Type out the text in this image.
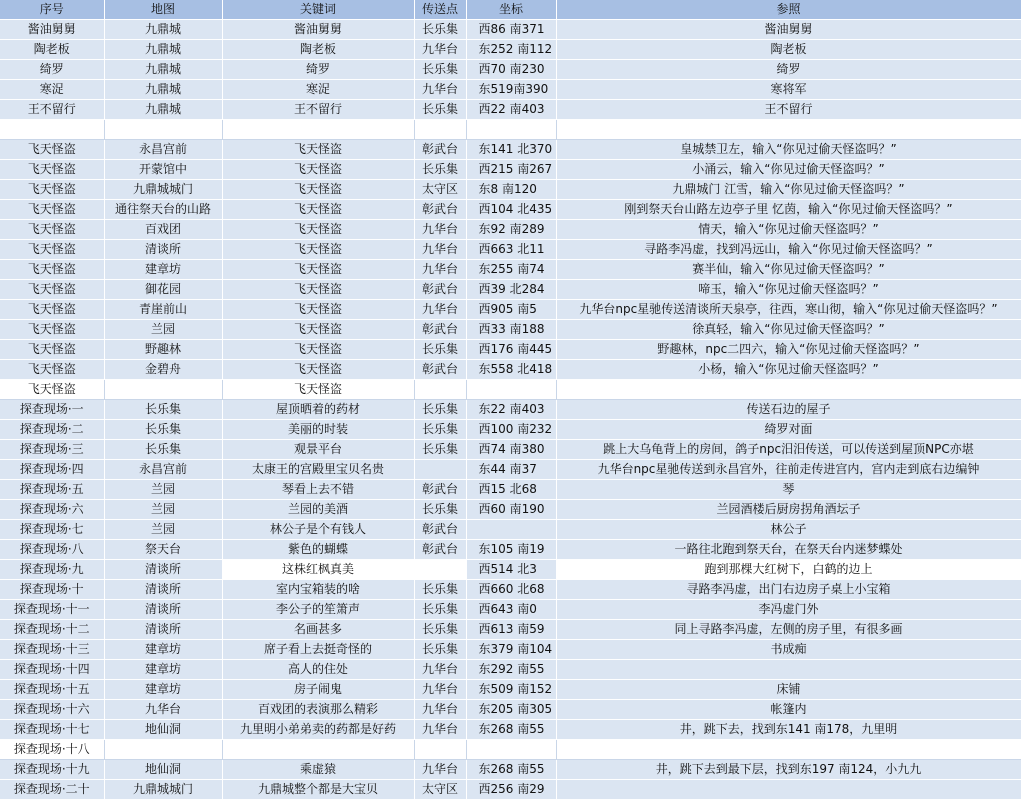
序号	地图	关键词	传送点	坐标	参照
酱油舅舅	九鼎城	酱油舅舅	长乐集	西86 南371	酱油舅舅
陶老板	九鼎城	陶老板	九华台	东252 南112	陶老板
绮罗	九鼎城	绮罗	长乐集	西70 南230	绮罗
寒浞	九鼎城	寒浞	九华台	东519南390	寒将军
王不留行	九鼎城	王不留行	长乐集	西22 南403	王不留行

飞天怪盗	永昌宫前	飞天怪盗	彰武台	东141 北370	皇城禁卫左，输入“你见过偷天怪盗吗？”
飞天怪盗	开蒙馆中	飞天怪盗	长乐集	西215 南267	小涌云，输入“你见过偷天怪盗吗？”
飞天怪盗	九鼎城城门	飞天怪盗	太守区	东8 南120	九鼎城门 江雪，输入“你见过偷天怪盗吗？”
飞天怪盗	通往祭天台的山路	飞天怪盗	彰武台	西104 北435	刚到祭天台山路左边亭子里 忆茵，输入“你见过偷天怪盗吗？”
飞天怪盗	百戏团	飞天怪盗	九华台	东92 南289	情天，输入“你见过偷天怪盗吗？”
飞天怪盗	清谈所	飞天怪盗	九华台	西663 北11	寻路李冯虚，找到冯远山，输入“你见过偷天怪盗吗？”
飞天怪盗	建章坊	飞天怪盗	九华台	东255 南74	赛半仙，输入“你见过偷天怪盗吗？”
飞天怪盗	御花园	飞天怪盗	彰武台	西39 北284	啼玉，输入“你见过偷天怪盗吗？”
飞天怪盗	青崖前山	飞天怪盗	九华台	西905 南5	九华台npc星驰传送清谈所天泉亭，往西，寒山彻，输入“你见过偷天怪盗吗？”
飞天怪盗	兰园	飞天怪盗	彰武台	西33 南188	徐真轻，输入“你见过偷天怪盗吗？”
飞天怪盗	野趣林	飞天怪盗	长乐集	西176 南445	野趣林，npc二四六，输入“你见过偷天怪盗吗？”
飞天怪盗	金碧舟	飞天怪盗	彰武台	东558 北418	小杨，输入“你见过偷天怪盗吗？”
飞天怪盗		飞天怪盗			
探查现场·一	长乐集	屋顶晒着的药材	长乐集	东22 南403	传送石边的屋子
探查现场·二	长乐集	美丽的时装	长乐集	西100 南232	绮罗对面
探查现场·三	长乐集	观景平台	长乐集	西74 南380	跳上大乌龟背上的房间，鸽子npc汨汨传送，可以传送到屋顶NPC亦堪
探查现场·四	永昌宫前	太康王的宫殿里宝贝名贵		东44 南37	九华台npc星驰传送到永昌宫外，往前走传进宫内，宫内走到底右边编钟
探查现场·五	兰园	琴看上去不错	彰武台	西15 北68	琴
探查现场·六	兰园	兰园的美酒	长乐集	西60 南190	兰园酒楼后厨房拐角酒坛子
探查现场·七	兰园	林公子是个有钱人	彰武台		林公子
探查现场·八	祭天台	紫色的蝴蝶	彰武台	东105 南19	一路往北跑到祭天台，在祭天台内迷梦蝶处
探查现场·九	清谈所	这株红枫真美		西514 北3	跑到那棵大红树下，白鹤的边上
探查现场·十	清谈所	室内宝箱装的啥	长乐集	西660 北68	寻路李冯虚，出门右边房子桌上小宝箱
探查现场·十一	清谈所	李公子的笙箫声	长乐集	西643 南0	李冯虚门外
探查现场·十二	清谈所	名画甚多	长乐集	西613 南59	同上寻路李冯虚，左侧的房子里，有很多画
探查现场·十三	建章坊	席子看上去挺奇怪的	长乐集	东379 南104	书成痴
探查现场·十四	建章坊	高人的住处	九华台	东292 南55	
探查现场·十五	建章坊	房子闹鬼	九华台	东509 南152	床铺
探查现场·十六	九华台	百戏团的表演那么精彩	九华台	东205 南305	帐篷内
探查现场·十七	地仙洞	九里明小弟弟卖的药都是好药	九华台	东268 南55	井，跳下去，找到东141 南178，九里明
探查现场·十八					
探查现场·十九	地仙洞	乘虚猿	九华台	东268 南55	井，跳下去到最下层，找到东197 南124，小九九
探查现场·二十	九鼎城城门	九鼎城整个都是大宝贝	太守区	西256 南29	
